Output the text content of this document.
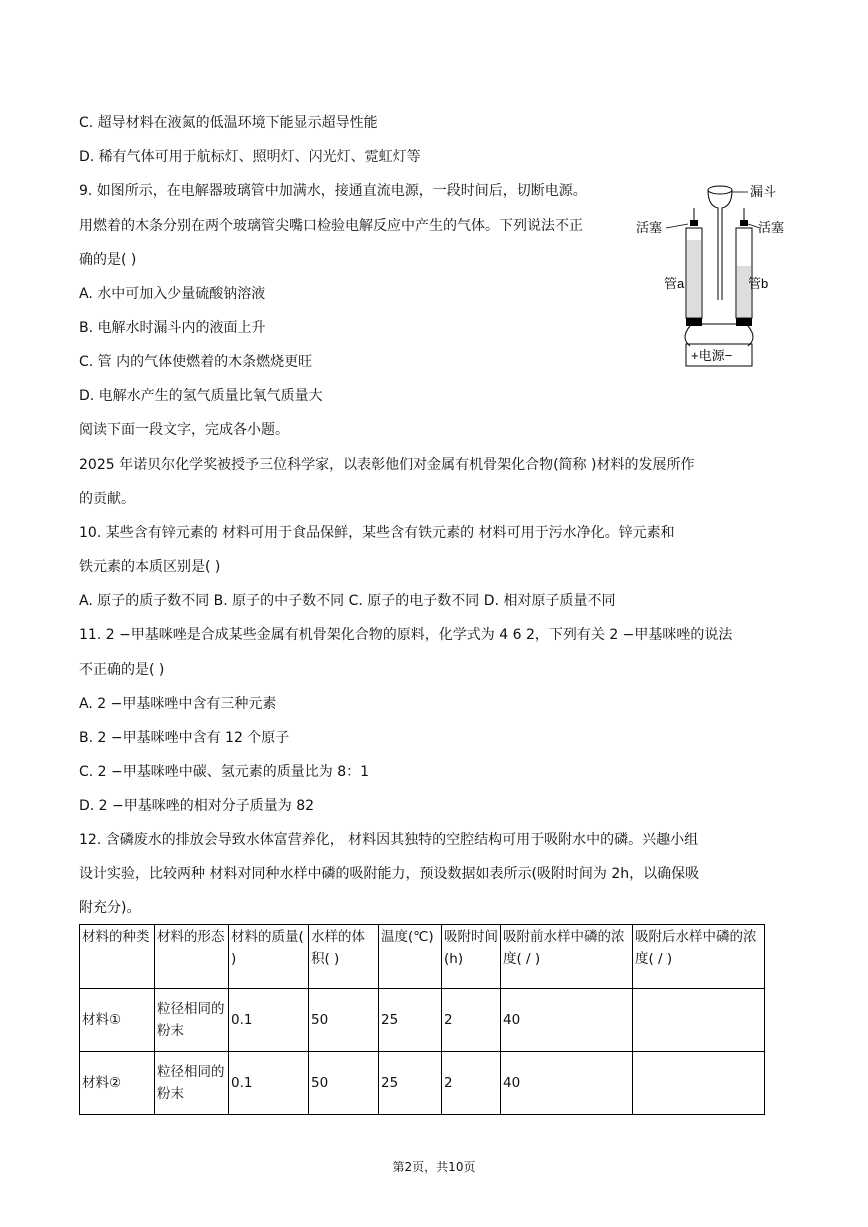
C. 超导材料在液氮的低温环境下能显示超导性能
D. 稀有气体可用于航标灯、照明灯、闪光灯、霓虹灯等
9. 如图所示，在电解器玻璃管中加满水，接通直流电源，一段时间后，切断电源。
用燃着的木条分别在两个玻璃管尖嘴口检验电解反应中产生的气体。下列说法不正
确的是( )
A. 水中可加入少量硫酸钠溶液
B. 电解水时漏斗内的液面上升
C. 管 内的气体使燃着的木条燃烧更旺
D. 电解水产生的氢气质量比氧气质量大
阅读下面一段文字，完成各小题。
2025 年诺贝尔化学奖被授予三位科学家，以表彰他们对金属有机骨架化合物(简称 )材料的发展所作
的贡献。
10. 某些含有锌元素的 材料可用于食品保鲜，某些含有铁元素的 材料可用于污水净化。锌元素和
铁元素的本质区别是( )
A. 原子的质子数不同 B. 原子的中子数不同 C. 原子的电子数不同 D. 相对原子质量不同
11. 2 −甲基咪唑是合成某些金属有机骨架化合物的原料，化学式为 4 6 2，下列有关 2 −甲基咪唑的说法
不正确的是( )
A. 2 −甲基咪唑中含有三种元素
B. 2 −甲基咪唑中含有 12 个原子
C. 2 −甲基咪唑中碳、氢元素的质量比为 8：1
D. 2 −甲基咪唑的相对分子质量为 82
12. 含磷废水的排放会导致水体富营养化， 材料因其独特的空腔结构可用于吸附水中的磷。兴趣小组
设计实验，比较两种 材料对同种水样中磷的吸附能力，预设数据如表所示(吸附时间为 2h，以确保吸
附充分)。
漏斗
活塞
管a
活塞
管b
+电源−
材料的种类	材料的形态	材料的质量( )	水样的体积( )	温度(℃)	吸附时间(h)	吸附前水样中磷的浓度( / )	吸附后水样中磷的浓度( / )
材料①	粒径相同的粉末	0.1	50	25	2	40	
材料②	粒径相同的粉末	0.1	50	25	2	40	
第2页，共10页
